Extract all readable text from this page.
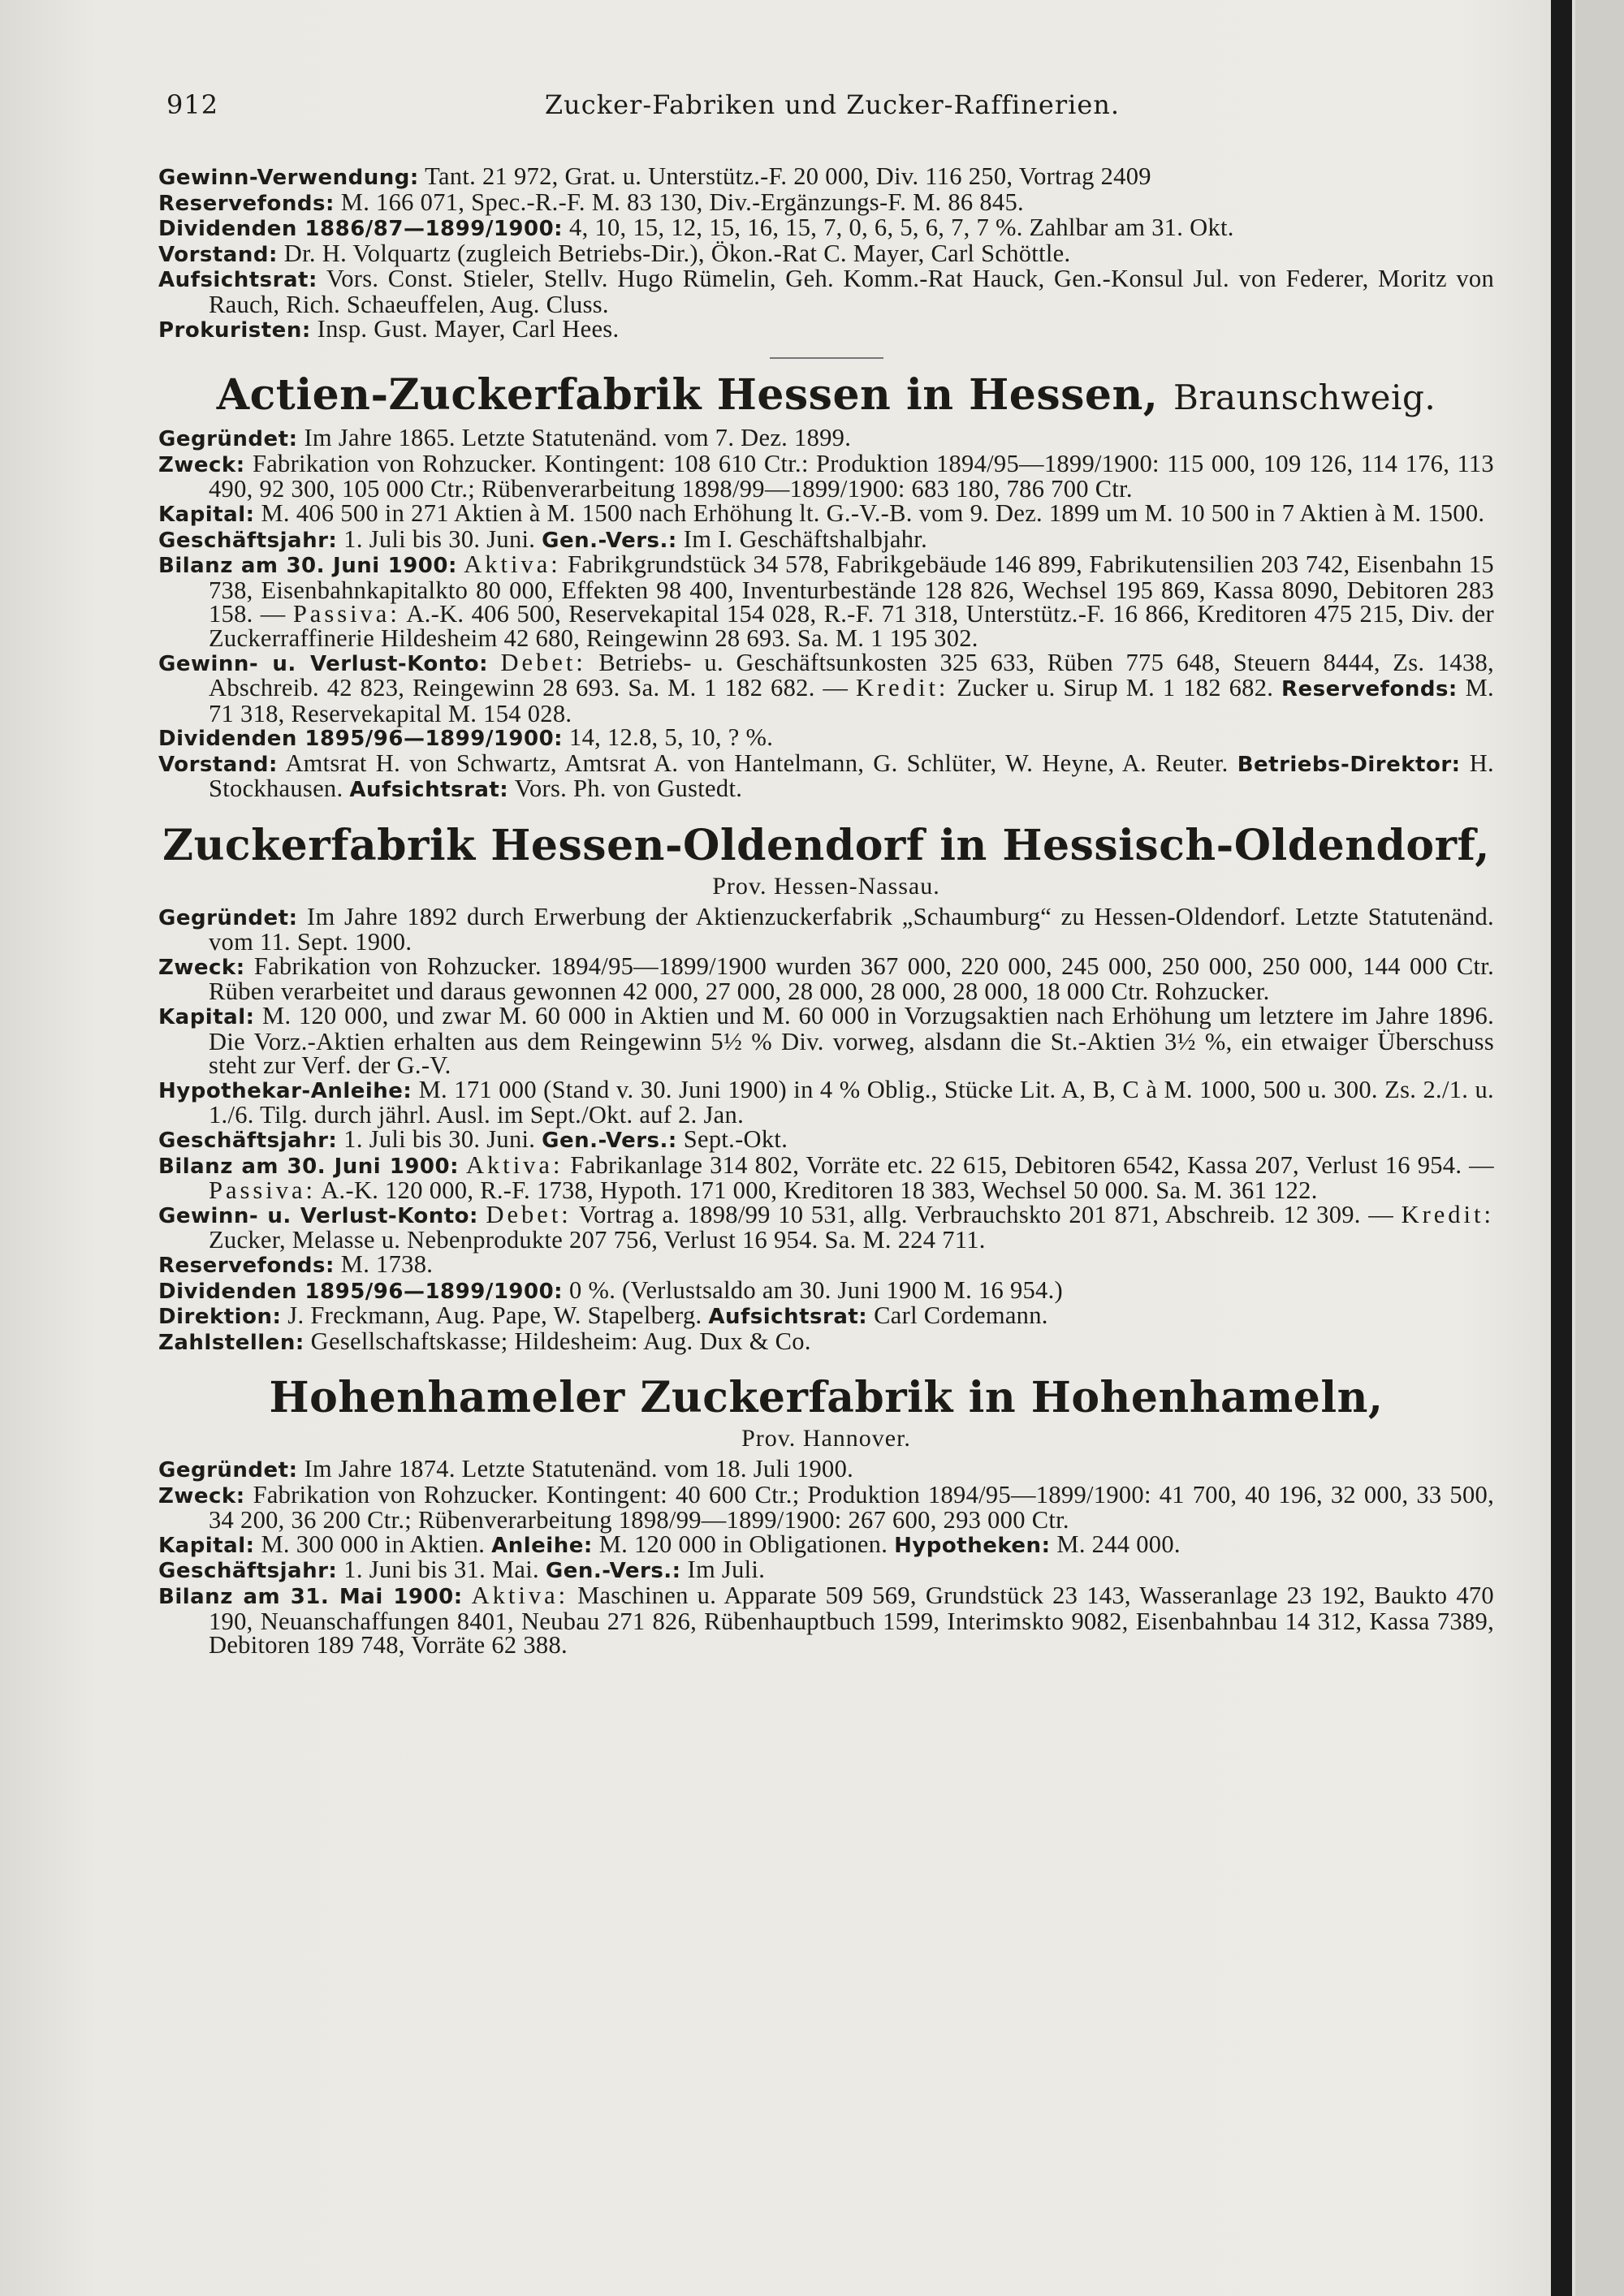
912	Zucker-Fabriken und Zucker-Raffinerien.

Gewinn-Verwendung: Tant. 21 972, Grat. u. Unterstütz.-F. 20 000, Div. 116 250, Vortrag 2409

Reservefonds: M. 166 071, Spec.-R.-F. M. 83 130, Div.-Ergänzungs-F. M. 86 845.

Dividenden 1886/87—1899/1900: 4, 10, 15, 12, 15, 16, 15, 7, 0, 6, 5, 6, 7, 7 %. Zahlbar am 31. Okt.

Vorstand: Dr. H. Volquartz (zugleich Betriebs-Dir.), Ökon.-Rat C. Mayer, Carl Schöttle.

Aufsichtsrat: Vors. Const. Stieler, Stellv. Hugo Rümelin, Geh. Komm.-Rat Hauck, Gen.-Konsul Jul. von Federer, Moritz von Rauch, Rich. Schaeuffelen, Aug. Cluss.

Prokuristen: Insp. Gust. Mayer, Carl Hees.

Actien-Zuckerfabrik Hessen in Hessen, Braunschweig.

Gegründet: Im Jahre 1865. Letzte Statutenänd. vom 7. Dez. 1899.

Zweck: Fabrikation von Rohzucker. Kontingent: 108 610 Ctr.: Produktion 1894/95—1899/1900: 115 000, 109 126, 114 176, 113 490, 92 300, 105 000 Ctr.; Rübenverarbeitung 1898/99—1899/1900: 683 180, 786 700 Ctr.

Kapital: M. 406 500 in 271 Aktien à M. 1500 nach Erhöhung lt. G.-V.-B. vom 9. Dez. 1899 um M. 10 500 in 7 Aktien à M. 1500.

Geschäftsjahr: 1. Juli bis 30. Juni. Gen.-Vers.: Im I. Geschäftshalbjahr.

Bilanz am 30. Juni 1900: Aktiva: Fabrikgrundstück 34 578, Fabrikgebäude 146 899, Fabrikutensilien 203 742, Eisenbahn 15 738, Eisenbahnkapitalkto 80 000, Effekten 98 400, Inventurbestände 128 826, Wechsel 195 869, Kassa 8090, Debitoren 283 158. — Passiva: A.-K. 406 500, Reservekapital 154 028, R.-F. 71 318, Unterstütz.-F. 16 866, Kreditoren 475 215, Div. der Zuckerraffinerie Hildesheim 42 680, Reingewinn 28 693. Sa. M. 1 195 302.

Gewinn- u. Verlust-Konto: Debet: Betriebs- u. Geschäftsunkosten 325 633, Rüben 775 648, Steuern 8444, Zs. 1438, Abschreib. 42 823, Reingewinn 28 693. Sa. M. 1 182 682. — Kredit: Zucker u. Sirup M. 1 182 682. Reservefonds: M. 71 318, Reservekapital M. 154 028.

Dividenden 1895/96—1899/1900: 14, 12.8, 5, 10, ? %.

Vorstand: Amtsrat H. von Schwartz, Amtsrat A. von Hantelmann, G. Schlüter, W. Heyne, A. Reuter. Betriebs-Direktor: H. Stockhausen. Aufsichtsrat: Vors. Ph. von Gustedt.

Zuckerfabrik Hessen-Oldendorf in Hessisch-Oldendorf,
Prov. Hessen-Nassau.

Gegründet: Im Jahre 1892 durch Erwerbung der Aktienzuckerfabrik „Schaumburg“ zu Hessen-Oldendorf. Letzte Statutenänd. vom 11. Sept. 1900.

Zweck: Fabrikation von Rohzucker. 1894/95—1899/1900 wurden 367 000, 220 000, 245 000, 250 000, 250 000, 144 000 Ctr. Rüben verarbeitet und daraus gewonnen 42 000, 27 000, 28 000, 28 000, 28 000, 18 000 Ctr. Rohzucker.

Kapital: M. 120 000, und zwar M. 60 000 in Aktien und M. 60 000 in Vorzugsaktien nach Erhöhung um letztere im Jahre 1896. Die Vorz.-Aktien erhalten aus dem Reingewinn 5½ % Div. vorweg, alsdann die St.-Aktien 3½ %, ein etwaiger Überschuss steht zur Verf. der G.-V.

Hypothekar-Anleihe: M. 171 000 (Stand v. 30. Juni 1900) in 4 % Oblig., Stücke Lit. A, B, C à M. 1000, 500 u. 300. Zs. 2./1. u. 1./6. Tilg. durch jährl. Ausl. im Sept./Okt. auf 2. Jan.

Geschäftsjahr: 1. Juli bis 30. Juni. Gen.-Vers.: Sept.-Okt.

Bilanz am 30. Juni 1900: Aktiva: Fabrikanlage 314 802, Vorräte etc. 22 615, Debitoren 6542, Kassa 207, Verlust 16 954. — Passiva: A.-K. 120 000, R.-F. 1738, Hypoth. 171 000, Kreditoren 18 383, Wechsel 50 000. Sa. M. 361 122.

Gewinn- u. Verlust-Konto: Debet: Vortrag a. 1898/99 10 531, allg. Verbrauchskto 201 871, Abschreib. 12 309. — Kredit: Zucker, Melasse u. Nebenprodukte 207 756, Verlust 16 954. Sa. M. 224 711.

Reservefonds: M. 1738.

Dividenden 1895/96—1899/1900: 0 %. (Verlustsaldo am 30. Juni 1900 M. 16 954.)

Direktion: J. Freckmann, Aug. Pape, W. Stapelberg. Aufsichtsrat: Carl Cordemann.

Zahlstellen: Gesellschaftskasse; Hildesheim: Aug. Dux & Co.

Hohenhameler Zuckerfabrik in Hohenhameln,
Prov. Hannover.

Gegründet: Im Jahre 1874. Letzte Statutenänd. vom 18. Juli 1900.

Zweck: Fabrikation von Rohzucker. Kontingent: 40 600 Ctr.; Produktion 1894/95—1899/1900: 41 700, 40 196, 32 000, 33 500, 34 200, 36 200 Ctr.; Rübenverarbeitung 1898/99—1899/1900: 267 600, 293 000 Ctr.

Kapital: M. 300 000 in Aktien. Anleihe: M. 120 000 in Obligationen. Hypotheken: M. 244 000.

Geschäftsjahr: 1. Juni bis 31. Mai. Gen.-Vers.: Im Juli.

Bilanz am 31. Mai 1900: Aktiva: Maschinen u. Apparate 509 569, Grundstück 23 143, Wasseranlage 23 192, Baukto 470 190, Neuanschaffungen 8401, Neubau 271 826, Rübenhauptbuch 1599, Interimskto 9082, Eisenbahnbau 14 312, Kassa 7389, Debitoren 189 748, Vorräte 62 388.
